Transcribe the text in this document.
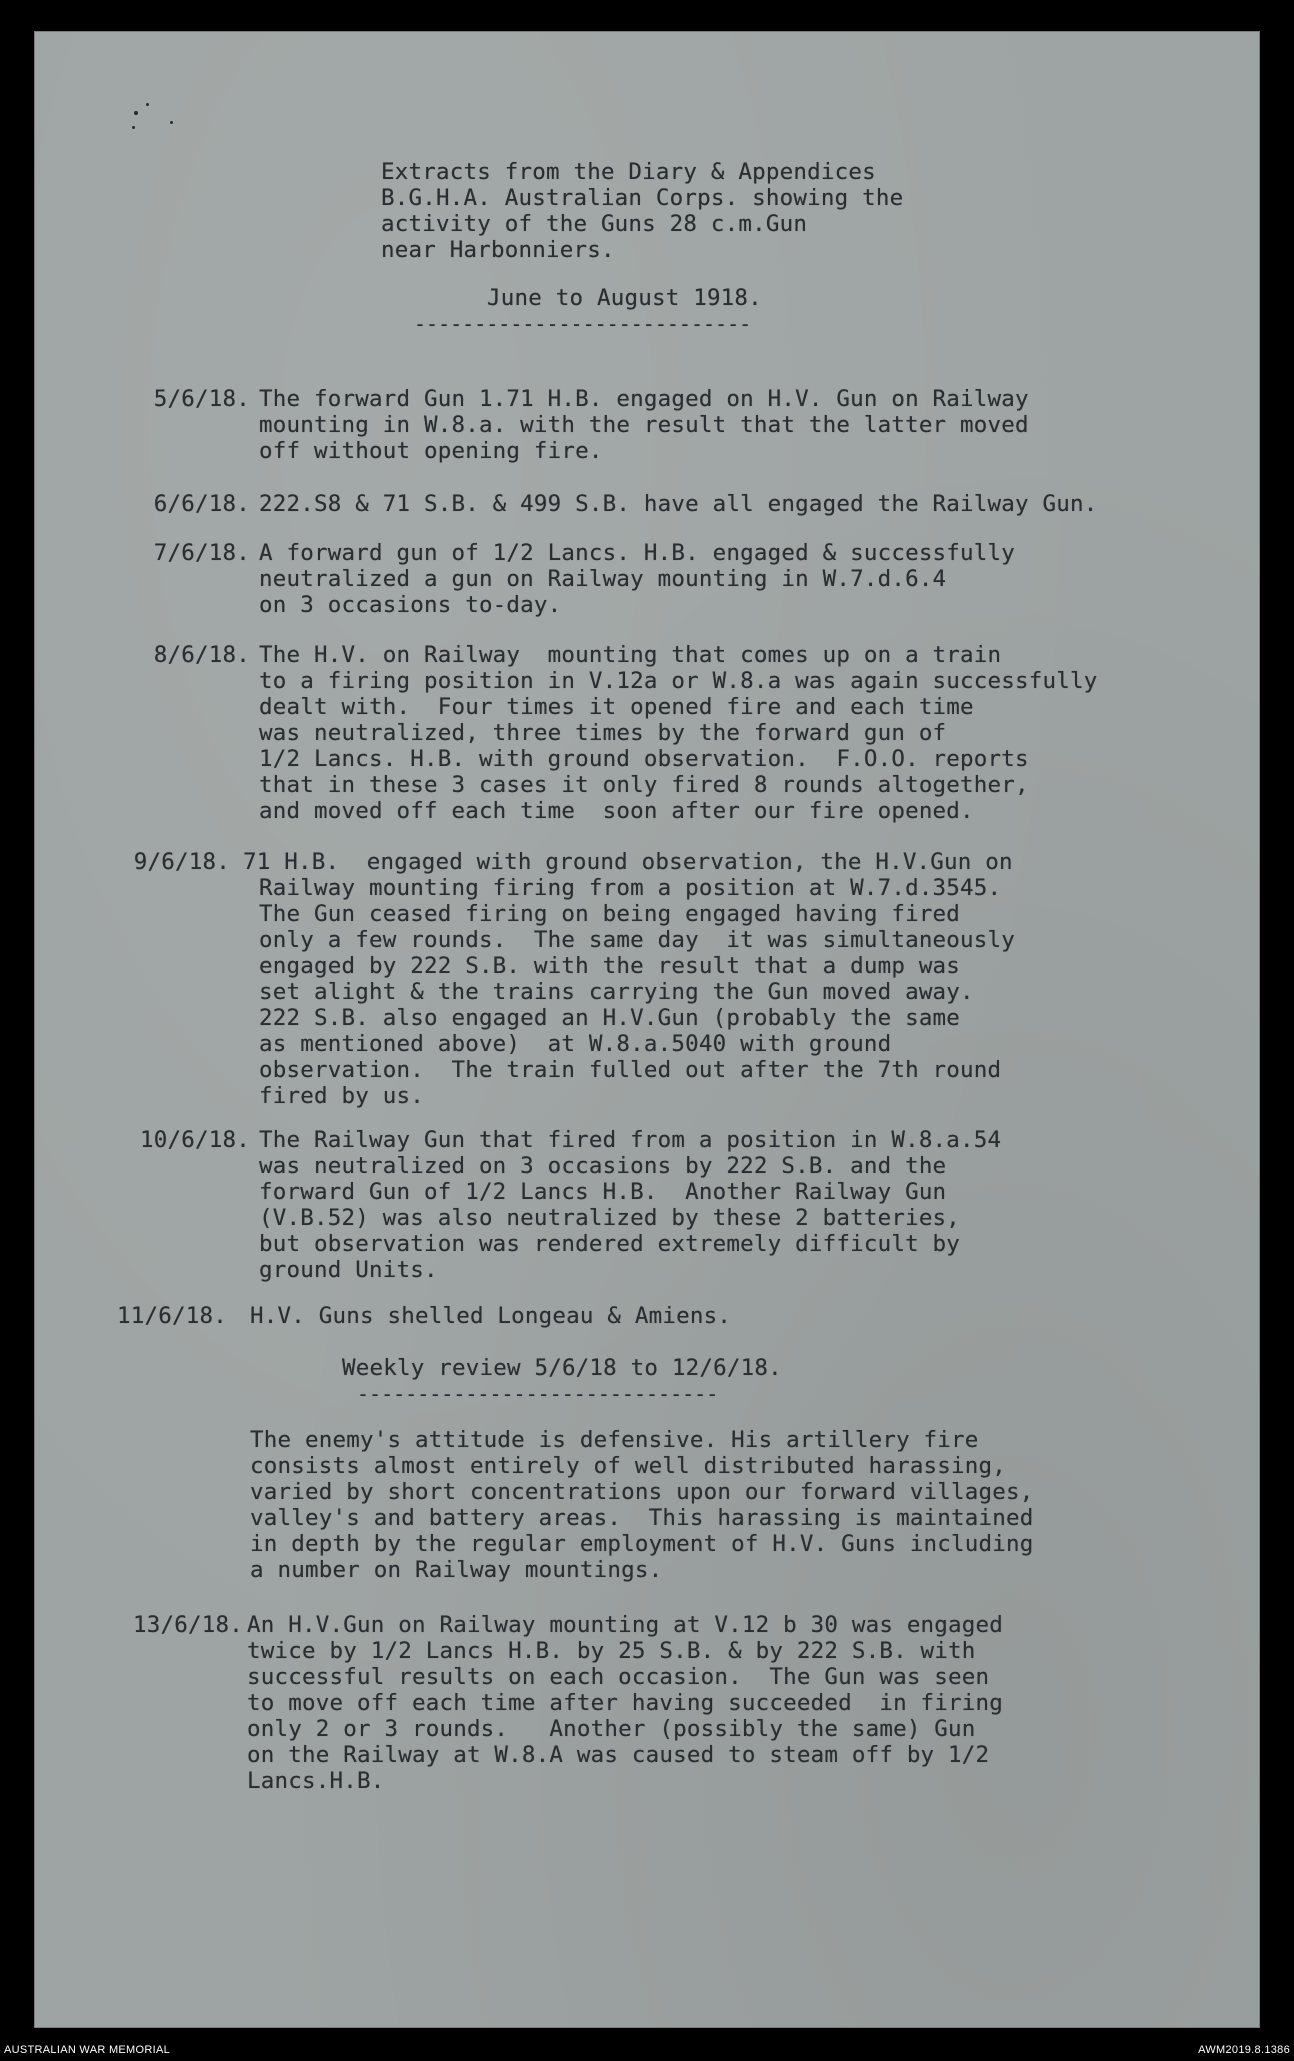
Extracts from the Diary & Appendices
B.G.H.A. Australian Corps. showing the
activity of the Guns 28 c.m.Gun
near Harbonniers.
June to August 1918.
----------------------------
5/6/18. The forward Gun 1.71 H.B. engaged on H.V. Gun on Railway
mounting in W.8.a. with the result that the latter moved
off without opening fire.
6/6/18. 222.S8 & 71 S.B. & 499 S.B. have all engaged the Railway Gun.
7/6/18. A forward gun of 1/2 Lancs. H.B. engaged & successfully
neutralized a gun on Railway mounting in W.7.d.6.4
on 3 occasions to-day.
8/6/18. The H.V. on Railway  mounting that comes up on a train
to a firing position in V.12a or W.8.a was again successfully
dealt with.  Four times it opened fire and each time
was neutralized, three times by the forward gun of
1/2 Lancs. H.B. with ground observation.  F.O.O. reports
that in these 3 cases it only fired 8 rounds altogether,
and moved off each time  soon after our fire opened.
9/6/18. 71 H.B.  engaged with ground observation, the H.V.Gun on
Railway mounting firing from a position at W.7.d.3545.
The Gun ceased firing on being engaged having fired
only a few rounds.  The same day  it was simultaneously
engaged by 222 S.B. with the result that a dump was
set alight & the trains carrying the Gun moved away.
222 S.B. also engaged an H.V.Gun (probably the same
as mentioned above)  at W.8.a.5040 with ground
observation.  The train fulled out after the 7th round
fired by us.
10/6/18. The Railway Gun that fired from a position in W.8.a.54
was neutralized on 3 occasions by 222 S.B. and the
forward Gun of 1/2 Lancs H.B.  Another Railway Gun
(V.B.52) was also neutralized by these 2 batteries,
but observation was rendered extremely difficult by
ground Units.
11/6/18. H.V. Guns shelled Longeau & Amiens.
Weekly review 5/6/18 to 12/6/18.
------------------------------
The enemy's attitude is defensive. His artillery fire
consists almost entirely of well distributed harassing,
varied by short concentrations upon our forward villages,
valley's and battery areas.  This harassing is maintained
in depth by the regular employment of H.V. Guns including
a number on Railway mountings.
13/6/18. An H.V.Gun on Railway mounting at V.12 b 30 was engaged
twice by 1/2 Lancs H.B. by 25 S.B. & by 222 S.B. with
successful results on each occasion.  The Gun was seen
to move off each time after having succeeded  in firing
only 2 or 3 rounds.   Another (possibly the same) Gun
on the Railway at W.8.A was caused to steam off by 1/2
Lancs.H.B.
AUSTRALIAN WAR MEMORIAL	AWM2019.8.1386
